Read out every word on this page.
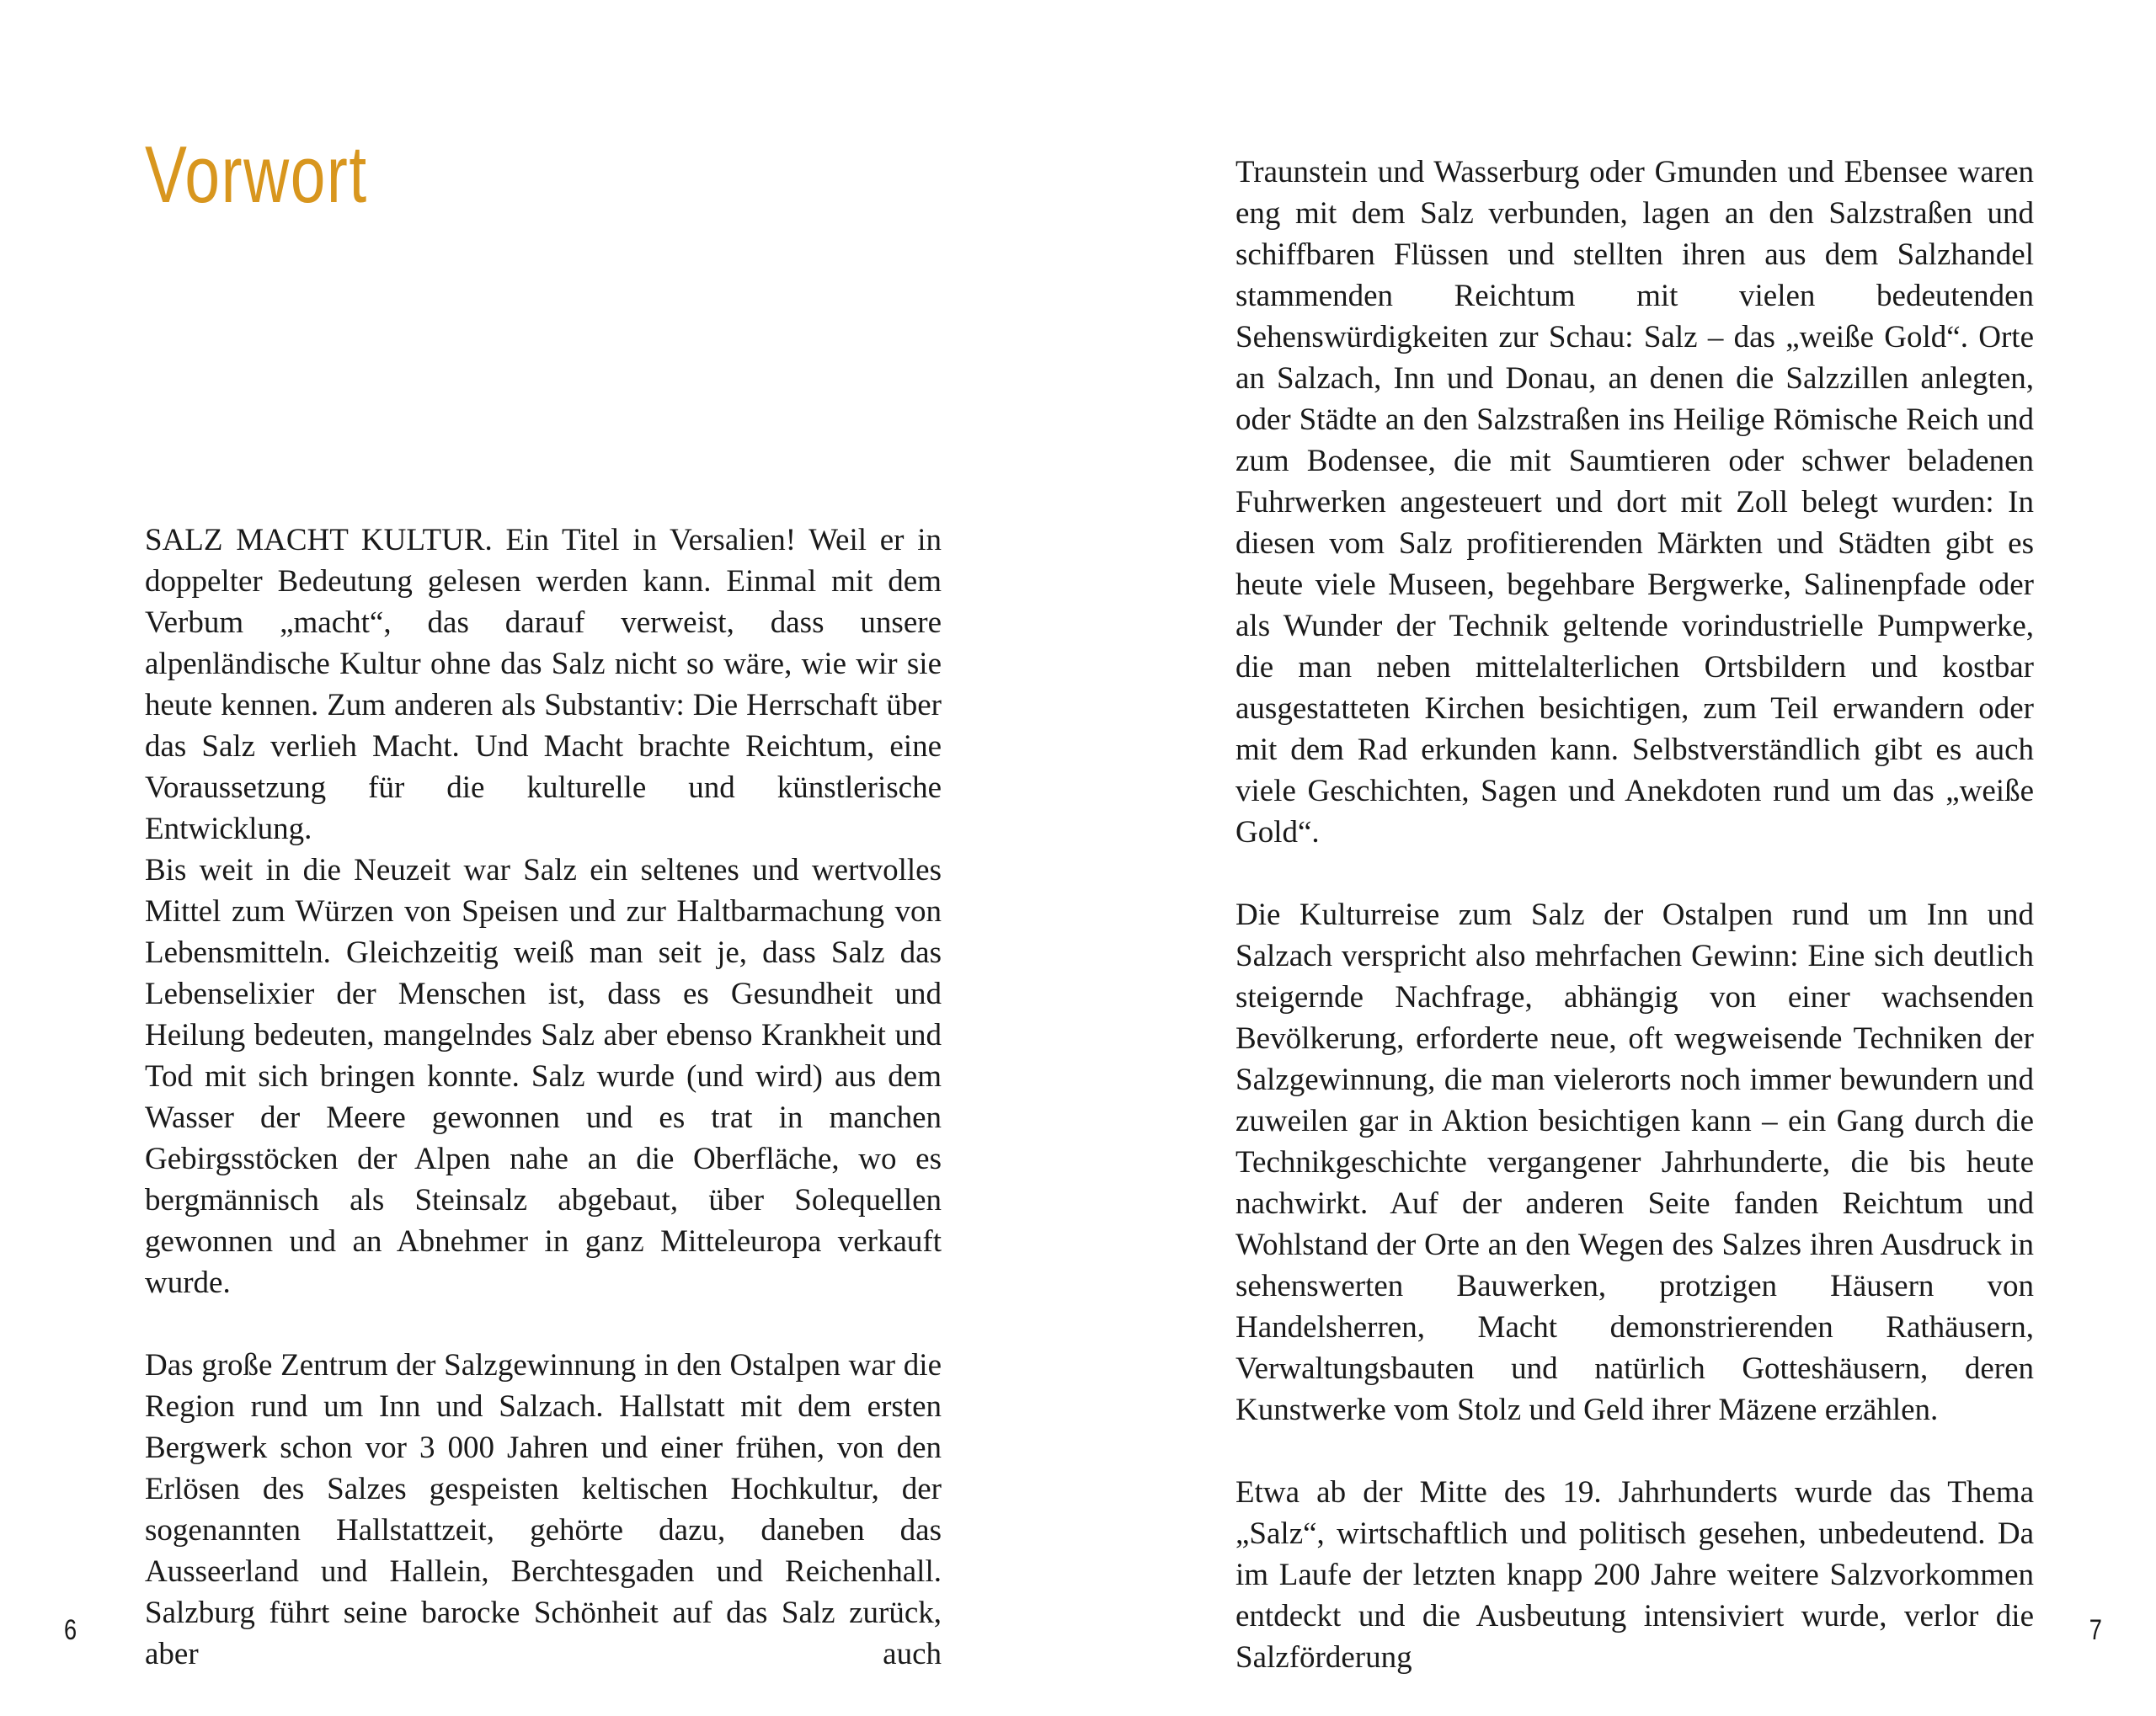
Vorwort

SALZ MACHT KULTUR. Ein Titel in Versalien! Weil er in doppelter Bedeutung gelesen werden kann. Einmal mit dem Verbum „macht“, das darauf verweist, dass unsere alpenländische Kultur ohne das Salz nicht so wäre, wie wir sie heute kennen. Zum anderen als Substantiv: Die Herrschaft über das Salz verlieh Macht. Und Macht brachte Reichtum, eine Voraussetzung für die kulturelle und künstlerische Entwicklung.

Bis weit in die Neuzeit war Salz ein seltenes und wertvolles Mittel zum Würzen von Speisen und zur Haltbarmachung von Lebensmitteln. Gleichzeitig weiß man seit je, dass Salz das Lebenselixier der Menschen ist, dass es Gesundheit und Heilung bedeuten, mangelndes Salz aber ebenso Krankheit und Tod mit sich bringen konnte. Salz wurde (und wird) aus dem Wasser der Meere gewonnen und es trat in manchen Gebirgsstöcken der Alpen nahe an die Oberfläche, wo es bergmännisch als Steinsalz abgebaut, über Solequellen gewonnen und an Abnehmer in ganz Mitteleuropa verkauft wurde.

Das große Zentrum der Salzgewinnung in den Ostalpen war die Region rund um Inn und Salzach. Hallstatt mit dem ersten Bergwerk schon vor 3 000 Jahren und einer frühen, von den Erlösen des Salzes gespeisten keltischen Hochkultur, der sogenannten Hallstattzeit, gehörte dazu, daneben das Ausseerland und Hallein, Berchtesgaden und Reichenhall. Salzburg führt seine barocke Schönheit auf das Salz zurück, aber auch

6

Traunstein und Wasserburg oder Gmunden und Ebensee waren eng mit dem Salz verbunden, lagen an den Salzstraßen und schiffbaren Flüssen und stellten ihren aus dem Salzhandel stammenden Reichtum mit vielen bedeutenden Sehenswürdigkeiten zur Schau: Salz – das „weiße Gold“. Orte an Salzach, Inn und Donau, an denen die Salzzillen anlegten, oder Städte an den Salzstraßen ins Heilige Römische Reich und zum Bodensee, die mit Saumtieren oder schwer beladenen Fuhrwerken angesteuert und dort mit Zoll belegt wurden: In diesen vom Salz profitierenden Märkten und Städten gibt es heute viele Museen, begehbare Bergwerke, Salinenpfade oder als Wunder der Technik geltende vorindustrielle Pumpwerke, die man neben mittelalterlichen Ortsbildern und kostbar ausgestatteten Kirchen besichtigen, zum Teil erwandern oder mit dem Rad erkunden kann. Selbstverständlich gibt es auch viele Geschichten, Sagen und Anekdoten rund um das „weiße Gold“.

Die Kulturreise zum Salz der Ostalpen rund um Inn und Salzach verspricht also mehrfachen Gewinn: Eine sich deutlich steigernde Nachfrage, abhängig von einer wachsenden Bevölkerung, erforderte neue, oft wegweisende Techniken der Salzgewinnung, die man vielerorts noch immer bewundern und zuweilen gar in Aktion besichtigen kann – ein Gang durch die Technikgeschichte vergangener Jahrhunderte, die bis heute nachwirkt. Auf der anderen Seite fanden Reichtum und Wohlstand der Orte an den Wegen des Salzes ihren Ausdruck in sehenswerten Bauwerken, protzigen Häusern von Handelsherren, Macht demonstrierenden Rathäusern, Verwaltungsbauten und natürlich Gotteshäusern, deren Kunstwerke vom Stolz und Geld ihrer Mäzene erzählen.

Etwa ab der Mitte des 19. Jahrhunderts wurde das Thema „Salz“, wirtschaftlich und politisch gesehen, unbedeutend. Da im Laufe der letzten knapp 200 Jahre weitere Salzvorkommen entdeckt und die Ausbeutung intensiviert wurde, verlor die Salzförderung

7
